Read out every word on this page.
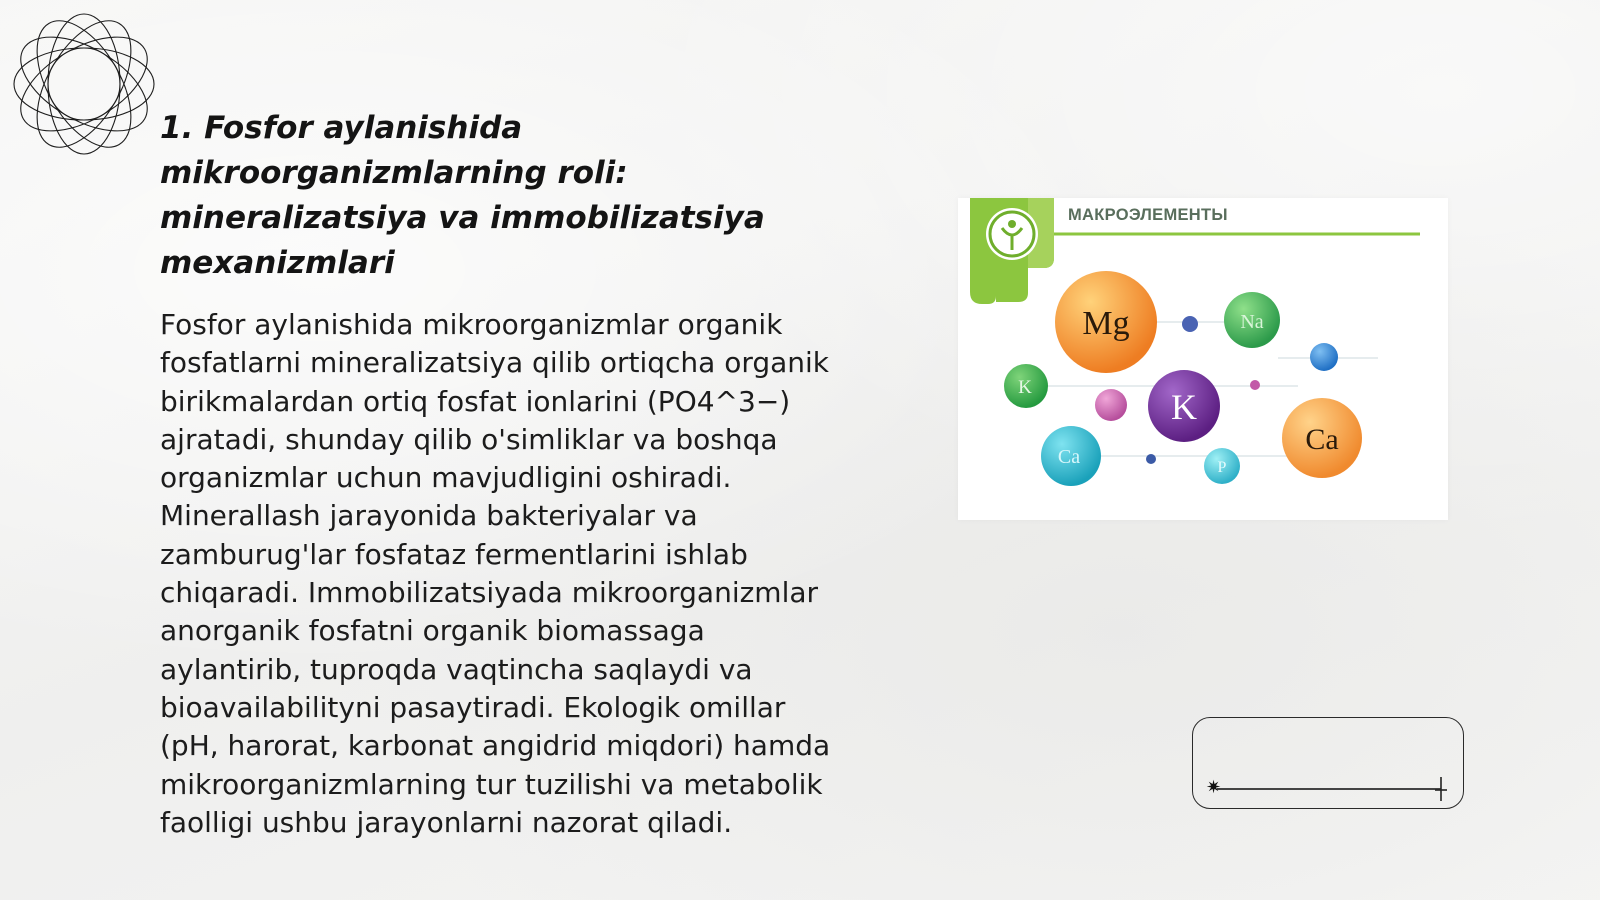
1. Fosfor aylanishida mikroorganizmlarning roli: mineralizatsiya va immobilizatsiya mexanizmlari

Fosfor aylanishida mikroorganizmlar organik fosfatlarni mineralizatsiya qilib ortiqcha organik birikmalardan ortiq fosfat ionlarini (PO4^3−) ajratadi, shunday qilib o'simliklar va boshqa organizmlar uchun mavjudligini oshiradi. Minerallash jarayonida bakteriyalar va zamburug'lar fosfataz fermentlarini ishlab chiqaradi. Immobilizatsiyada mikroorganizmlar anorganik fosfatni organik biomassaga aylantirib, tuproqda vaqtincha saqlaydi va bioavailabilityni pasaytiradi. Ekologik omillar (pH, harorat, karbonat angidrid miqdori) hamda mikroorganizmlarning tur tuzilishi va metabolik faolligi ushbu jarayonlarni nazorat qiladi.

Mg	Na
K
K
Ca
Ca	P
МАКРОЭЛЕМЕНТЫ
✷
